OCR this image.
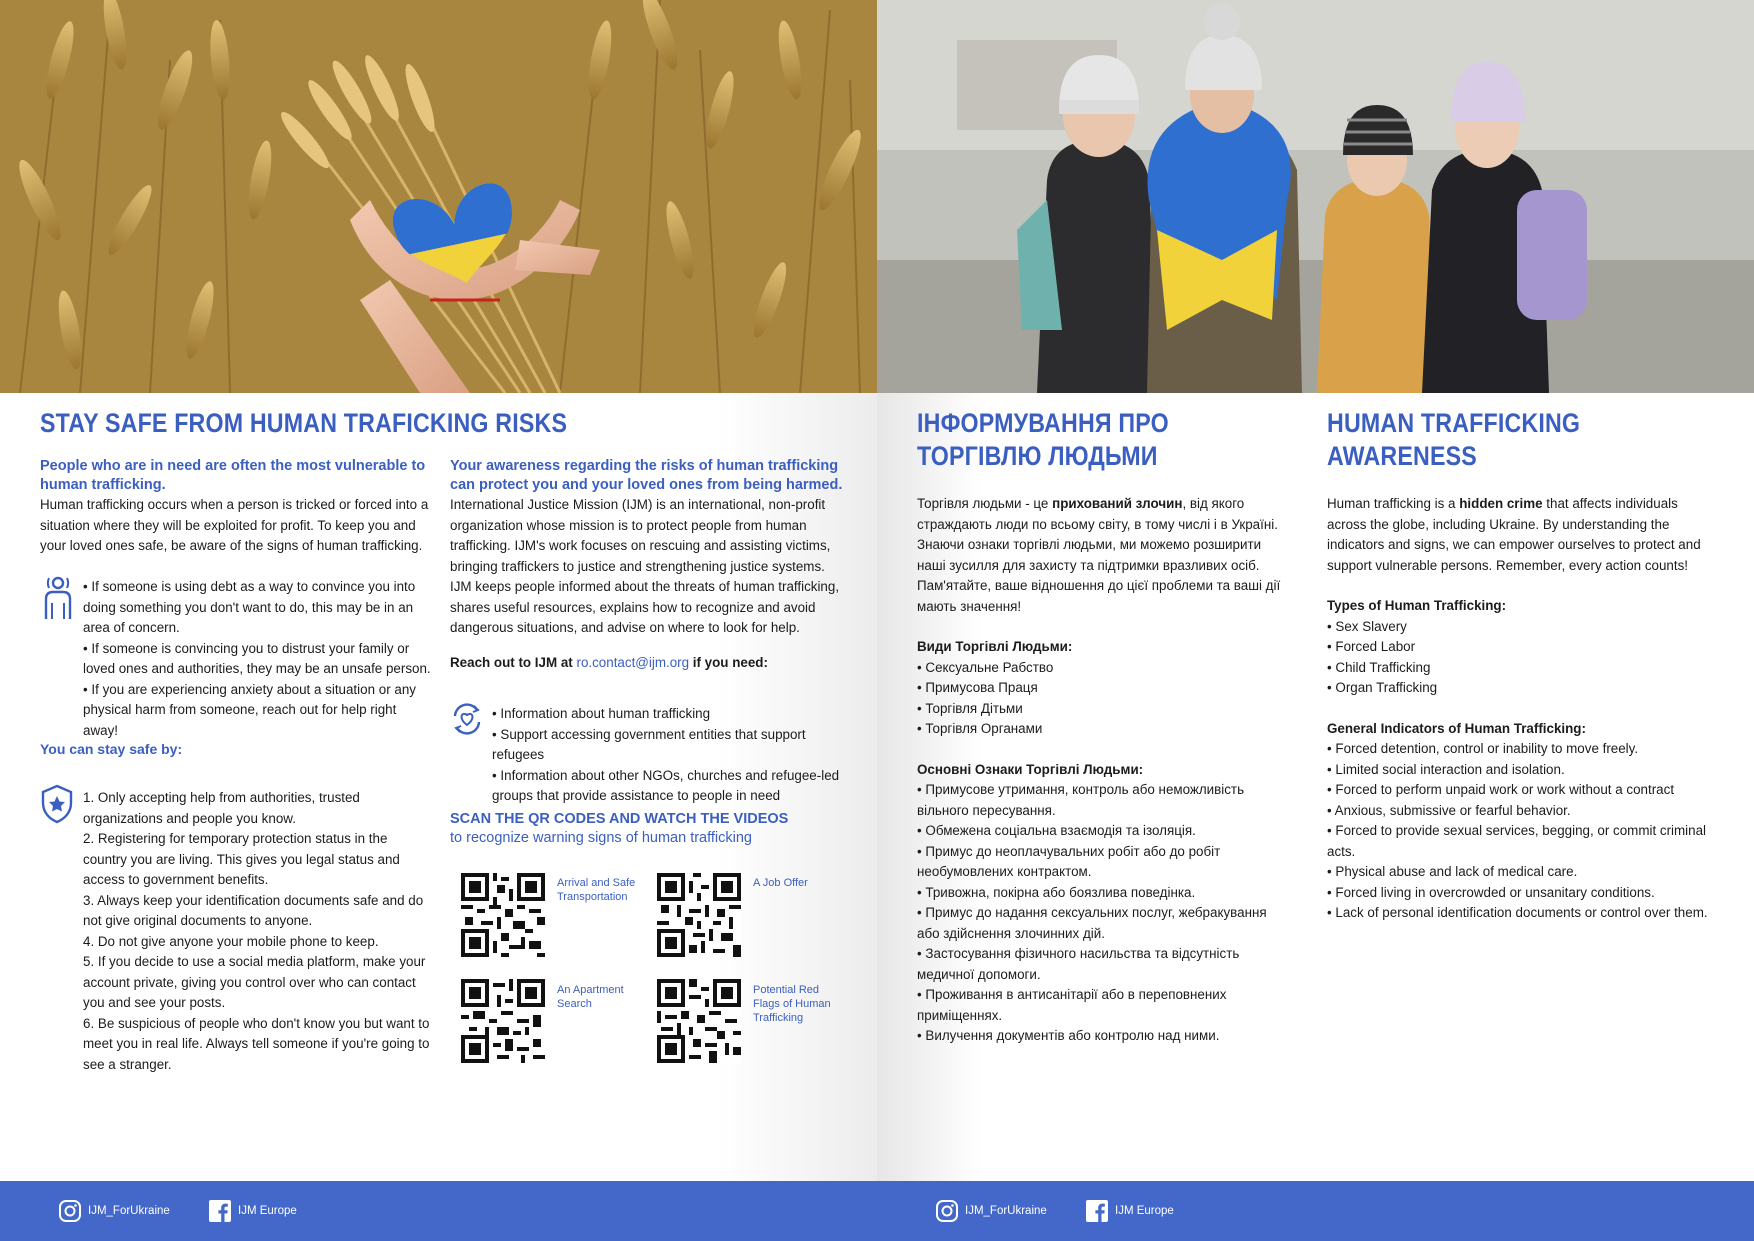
STAY SAFE FROM HUMAN TRAFICKING RISKS

People who are in need are often the most vulnerable to human trafficking.

Human trafficking occurs when a person is tricked or forced into a situation where they will be exploited for profit. To keep you and your loved ones safe, be aware of the signs of human trafficking.

• If someone is using debt as a way to convince you into doing something you don't want to do, this may be in an area of concern.
• If someone is convincing you to distrust your family or loved ones and authorities, they may be an unsafe person.
• If you are experiencing anxiety about a situation or any physical harm from someone, reach out for help right away!

You can stay safe by:

1. Only accepting help from authorities, trusted organizations and people you know.
2. Registering for temporary protection status in the country you are living. This gives you legal status and access to government benefits.
3. Always keep your identification documents safe and do not give original documents to anyone.
4. Do not give anyone your mobile phone to keep.
5. If you decide to use a social media platform, make your account private, giving you control over who can contact you and see your posts.
6. Be suspicious of people who don't know you but want to meet you in real life. Always tell someone if you're going to see a stranger.

Your awareness regarding the risks of human trafficking can protect you and your loved ones from being harmed.

International Justice Mission (IJM) is an international, non-profit organization whose mission is to protect people from human trafficking. IJM's work focuses on rescuing and assisting victims, bringing traffickers to justice and strengthening justice systems. IJM keeps people informed about the threats of human trafficking, shares useful resources, explains how to recognize and avoid dangerous situations, and advise on where to look for help.

Reach out to IJM at ro.contact@ijm.org if you need:

• Information about human trafficking
• Support accessing government entities that support refugees
• Information about other NGOs, churches and refugee-led groups that provide assistance to people in need

SCAN THE QR CODES AND WATCH THE VIDEOS

to recognize warning signs of human trafficking

Arrival and Safe Transportation
A Job Offer
An Apartment Search
Potential Red Flags of Human Trafficking
IJM_ForUkraine	IJM Europe
ІНФОРМУВАННЯ ПРО
ТОРГІВЛЮ ЛЮДЬМИ

Торгівля людьми - це прихований злочин, від якого страждають люди по всьому світу, в тому числі і в Україні. Знаючи ознаки торгівлі людьми, ми можемо розширити наші зусилля для захисту та підтримки вразливих осіб. Пам'ятайте, ваше відношення до цієї проблеми та ваші дії мають значення!

Види Торгівлі Людьми:

• Сексуальне Рабство
• Примусова Праця
• Торгівля Дітьми
• Торгівля Органами

Основні Ознаки Торгівлі Людьми:

• Примусове утримання, контроль або неможливість вільного пересування.
• Обмежена соціальна взаємодія та ізоляція.
• Примус до неоплачувальних робіт або до робіт необумовлених контрактом.
• Тривожна, покірна або боязлива поведінка.
• Примус до надання сексуальних послуг, жебракування або здійснення злочинних дій.
• Застосування фізичного насильства та відсутність медичної допомоги.
• Проживання в антисанітарії або в переповнених приміщеннях.
• Вилучення документів або контролю над ними.
HUMAN TRAFFICKING
AWARENESS

Human trafficking is a hidden crime that affects individuals across the globe, including Ukraine. By understanding the indicators and signs, we can empower ourselves to protect and support vulnerable persons. Remember, every action counts!

Types of Human Trafficking:

• Sex Slavery
• Forced Labor
• Child Trafficking
• Organ Trafficking

General Indicators of Human Trafficking:

• Forced detention, control or inability to move freely.
• Limited social interaction and isolation.
• Forced to perform unpaid work or work without a contract
• Anxious, submissive or fearful behavior.
• Forced to provide sexual services, begging, or commit criminal acts.
• Physical abuse and lack of medical care.
• Forced living in overcrowded or unsanitary conditions.
• Lack of personal identification documents or control over them.
IJM_ForUkraine	IJM Europe
